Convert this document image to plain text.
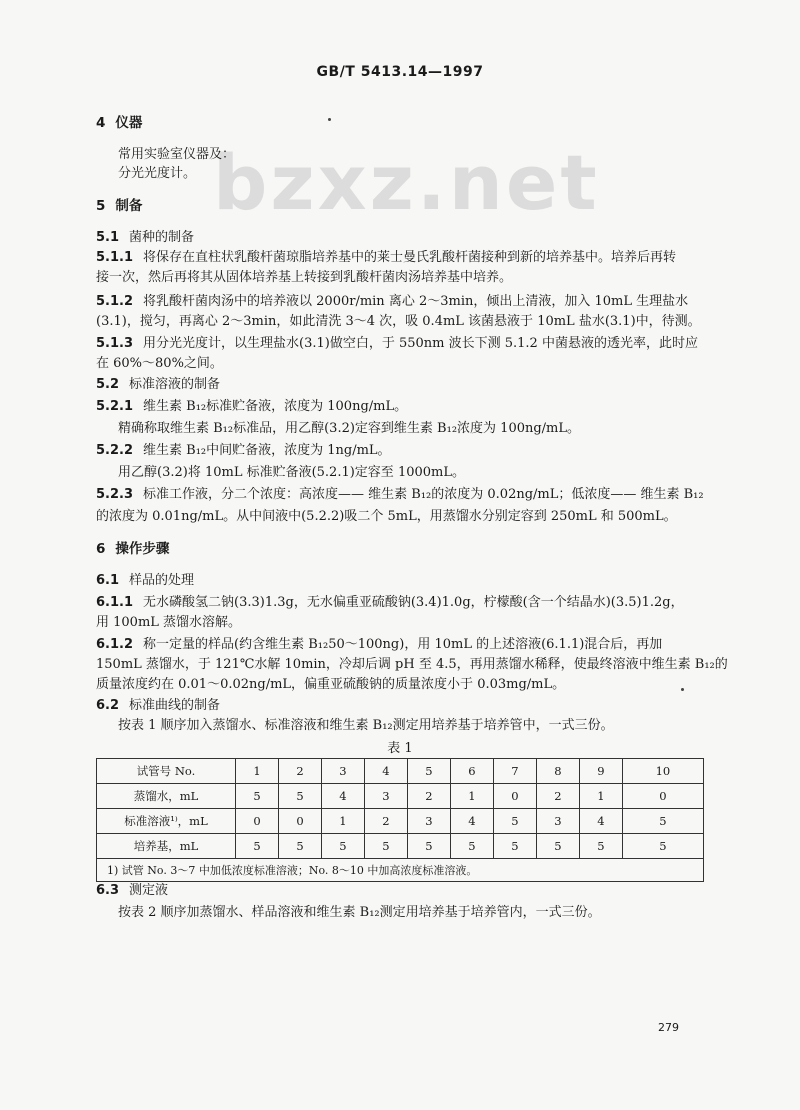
GB/T 5413.14—1997
bzxz.net
4 仪器
常用实验室仪器及：
分光光度计。
5 制备
5.1 菌种的制备
5.1.1 将保存在直柱状乳酸杆菌琼脂培养基中的莱士曼氏乳酸杆菌接种到新的培养基中。培养后再转
接一次，然后再将其从固体培养基上转接到乳酸杆菌肉汤培养基中培养。
5.1.2 将乳酸杆菌肉汤中的培养液以 2000r/min 离心 2～3min，倾出上清液，加入 10mL 生理盐水
(3.1)，搅匀，再离心 2～3min，如此清洗 3～4 次，吸 0.4mL 该菌悬液于 10mL 盐水(3.1)中，待测。
5.1.3 用分光光度计，以生理盐水(3.1)做空白，于 550nm 波长下测 5.1.2 中菌悬液的透光率，此时应
在 60%～80%之间。
5.2 标准溶液的制备
5.2.1 维生素 B₁₂标准贮备液，浓度为 100ng/mL。
精确称取维生素 B₁₂标准品，用乙醇(3.2)定容到维生素 B₁₂浓度为 100ng/mL。
5.2.2 维生素 B₁₂中间贮备液，浓度为 1ng/mL。
用乙醇(3.2)将 10mL 标准贮备液(5.2.1)定容至 1000mL。
5.2.3 标准工作液，分二个浓度：高浓度—— 维生素 B₁₂的浓度为 0.02ng/mL；低浓度—— 维生素 B₁₂
的浓度为 0.01ng/mL。从中间液中(5.2.2)吸二个 5mL，用蒸馏水分别定容到 250mL 和 500mL。
6 操作步骤
6.1 样品的处理
6.1.1 无水磷酸氢二钠(3.3)1.3g，无水偏重亚硫酸钠(3.4)1.0g，柠檬酸(含一个结晶水)(3.5)1.2g，
用 100mL 蒸馏水溶解。
6.1.2 称一定量的样品(约含维生素 B₁₂50～100ng)，用 10mL 的上述溶液(6.1.1)混合后，再加
150mL 蒸馏水，于 121℃水解 10min，冷却后调 pH 至 4.5，再用蒸馏水稀释，使最终溶液中维生素 B₁₂的
质量浓度约在 0.01～0.02ng/mL，偏重亚硫酸钠的质量浓度小于 0.03mg/mL。
6.2 标准曲线的制备
按表 1 顺序加入蒸馏水、标准溶液和维生素 B₁₂测定用培养基于培养管中，一式三份。
6.3 测定液
按表 2 顺序加蒸馏水、样品溶液和维生素 B₁₂测定用培养基于培养管内，一式三份。
表 1
试管号 No.	1	2	3	4	5	6	7	8	9	10
蒸馏水，mL	5	5	4	3	2	1	0	2	1	0
标准溶液¹⁾，mL	0	0	1	2	3	4	5	3	4	5
培养基，mL	5	5	5	5	5	5	5	5	5	5
1) 试管 No. 3～7 中加低浓度标准溶液；No. 8～10 中加高浓度标准溶液。										
279
